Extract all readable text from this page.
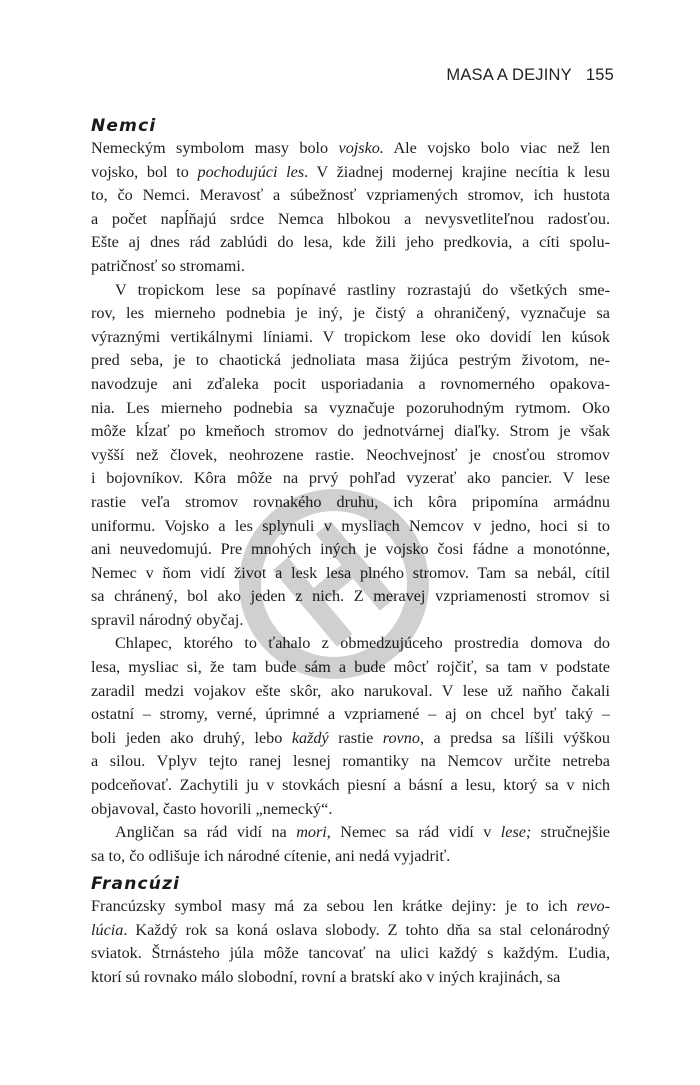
MASA A DEJINY 155
Nemci
Nemeckým symbolom masy bolo vojsko. Ale vojsko bolo viac než len
vojsko, bol to pochodujúci les. V žiadnej modernej krajine necítia k lesu
to, čo Nemci. Meravosť a súbežnosť vzpriamených stromov, ich hustota
a počet napĺňajú srdce Nemca hlbokou a nevysvetliteľnou radosťou.
Ešte aj dnes rád zablúdi do lesa, kde žili jeho predkovia, a cíti spolu-
patričnosť so stromami.
V tropickom lese sa popínavé rastliny rozrastajú do všetkých sme-
rov, les mierneho podnebia je iný, je čistý a ohraničený, vyznačuje sa
výraznými vertikálnymi líniami. V tropickom lese oko dovidí len kúsok
pred seba, je to chaotická jednoliata masa žijúca pestrým životom, ne-
navodzuje ani zďaleka pocit usporiadania a rovnomerného opakova-
nia. Les mierneho podnebia sa vyznačuje pozoruhodným rytmom. Oko
môže kĺzať po kmeňoch stromov do jednotvárnej diaľky. Strom je však
vyšší než človek, neohrozene rastie. Neochvejnosť je cnosťou stromov
i bojovníkov. Kôra môže na prvý pohľad vyzerať ako pancier. V lese
rastie veľa stromov rovnakého druhu, ich kôra pripomína armádnu
uniformu. Vojsko a les splynuli v mysliach Nemcov v jedno, hoci si to
ani neuvedomujú. Pre mnohých iných je vojsko čosi fádne a monotónne,
Nemec v ňom vidí život a lesk lesa plného stromov. Tam sa nebál, cítil
sa chránený, bol ako jeden z nich. Z meravej vzpriamenosti stromov si
spravil národný obyčaj.
Chlapec, ktorého to ťahalo z obmedzujúceho prostredia domova do
lesa, mysliac si, že tam bude sám a bude môcť rojčiť, sa tam v podstate
zaradil medzi vojakov ešte skôr, ako narukoval. V lese už naňho čakali
ostatní – stromy, verné, úprimné a vzpriamené – aj on chcel byť taký –
boli jeden ako druhý, lebo každý rastie rovno, a predsa sa líšili výškou
a silou. Vplyv tejto ranej lesnej romantiky na Nemcov určite netreba
podceňovať. Zachytili ju v stovkách piesní a básní a lesu, ktorý sa v nich
objavoval, často hovorili „nemecký“.
Angličan sa rád vidí na mori, Nemec sa rád vidí v lese; stručnejšie
sa to, čo odlišuje ich národné cítenie, ani nedá vyjadriť.
Francúzi
Francúzsky symbol masy má za sebou len krátke dejiny: je to ich revo-
lúcia. Každý rok sa koná oslava slobody. Z tohto dňa sa stal celonárodný
sviatok. Štrnásteho júla môže tancovať na ulici každý s každým. Ľudia,
ktorí sú rovnako málo slobodní, rovní a bratskí ako v iných krajinách, sa
